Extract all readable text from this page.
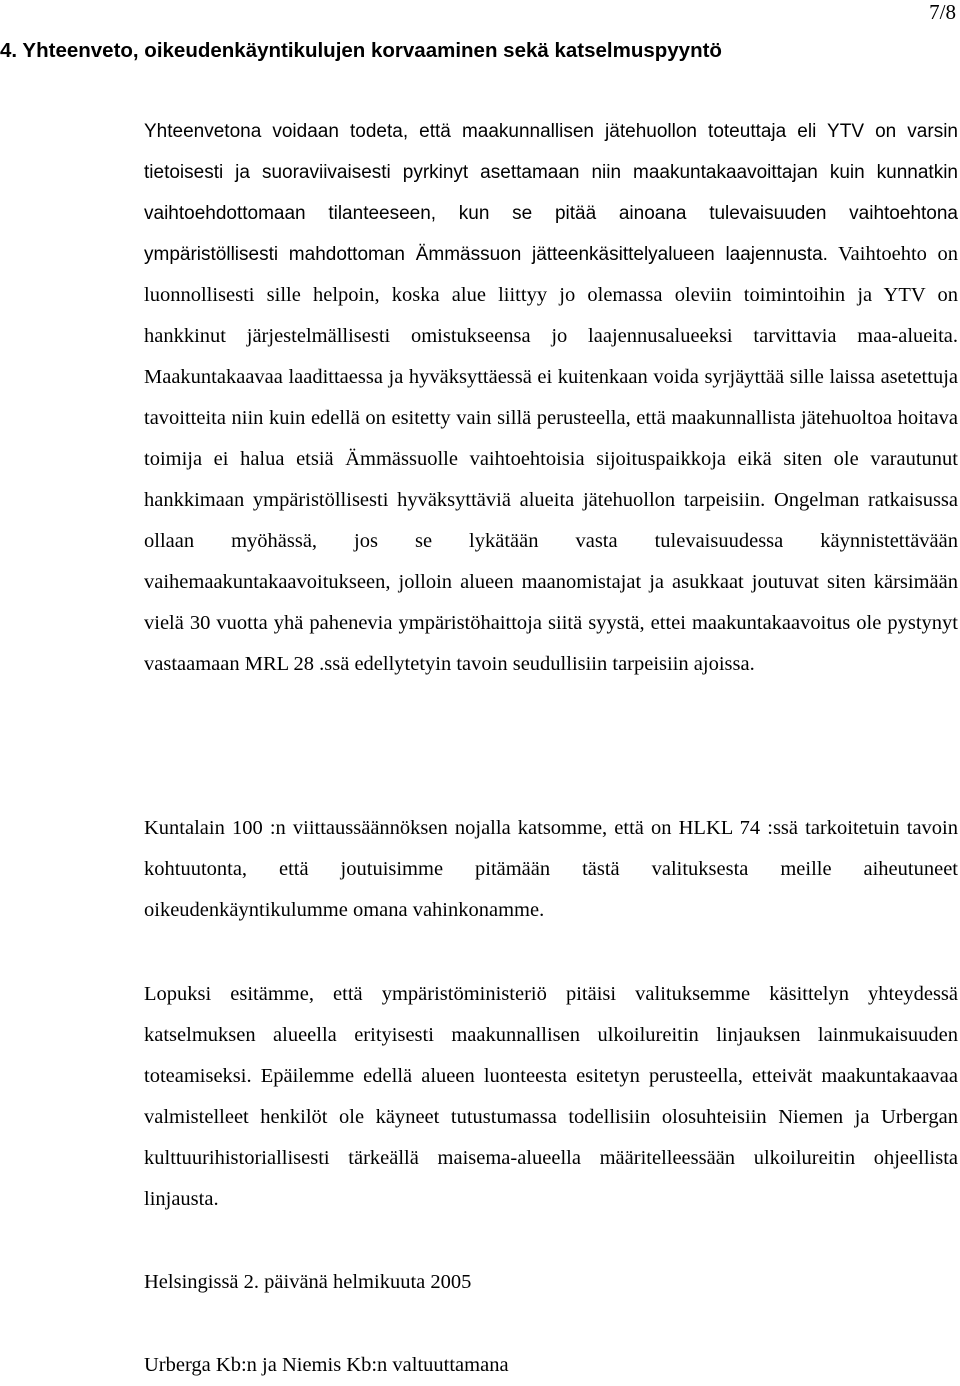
7/8
4. Yhteenveto, oikeudenkäyntikulujen korvaaminen sekä katselmuspyyntö

Yhteenvetona voidaan todeta, että maakunnallisen jätehuollon toteuttaja eli YTV on varsin tietoisesti ja suoraviivaisesti pyrkinyt asettamaan niin maakuntakaavoittajan kuin kunnatkin vaihtoehdottomaan tilanteeseen, kun se pitää ainoana tulevaisuuden vaihtoehtona ympäristöllisesti mahdottoman Ämmässuon jätteenkäsittelyalueen laajennusta. Vaihtoehto on luonnollisesti sille helpoin, koska alue liittyy jo olemassa oleviin toimintoihin ja YTV on hankkinut järjestelmällisesti omistukseensa jo laajennusalueeksi tarvittavia maa-alueita. Maakuntakaavaa laadittaessa ja hyväksyttäessä ei kuitenkaan voida syrjäyttää sille laissa asetettuja tavoitteita niin kuin edellä on esitetty vain sillä perusteella, että maakunnallista jätehuoltoa hoitava toimija ei halua etsiä Ämmässuolle vaihtoehtoisia sijoituspaikkoja eikä siten ole varautunut hankkimaan ympäristöllisesti hyväksyttäviä alueita jätehuollon tarpeisiin. Ongelman ratkaisussa ollaan myöhässä, jos se lykätään vasta tulevaisuudessa käynnistettävään vaihemaakuntakaavoitukseen, jolloin alueen maanomistajat ja asukkaat joutuvat siten kärsimään vielä 30 vuotta yhä pahenevia ympäristöhaittoja siitä syystä, ettei maakuntakaavoitus ole pystynyt vastaamaan MRL 28 .ssä edellytetyin tavoin seudullisiin tarpeisiin ajoissa.

Kuntalain 100 :n viittaussäännöksen nojalla katsomme, että on HLKL 74 :ssä tarkoitetuin tavoin kohtuutonta, että joutuisimme pitämään tästä valituksesta meille aiheutuneet oikeudenkäyntikulumme omana vahinkonamme.

Lopuksi esitämme, että ympäristöministeriö pitäisi valituksemme käsittelyn yhteydessä katselmuksen alueella erityisesti maakunnallisen ulkoilureitin linjauksen lainmukaisuuden toteamiseksi. Epäilemme edellä alueen luonteesta esitetyn perusteella, etteivät maakuntakaavaa valmistelleet henkilöt ole käyneet tutustumassa todellisiin olosuhteisiin Niemen ja Urbergan kulttuurihistoriallisesti tärkeällä maisema-alueella määritelleessään ulkoilureitin ohjeellista linjausta.

Helsingissä 2. päivänä helmikuuta 2005
Urberga Kb:n ja Niemis Kb:n valtuuttamana
